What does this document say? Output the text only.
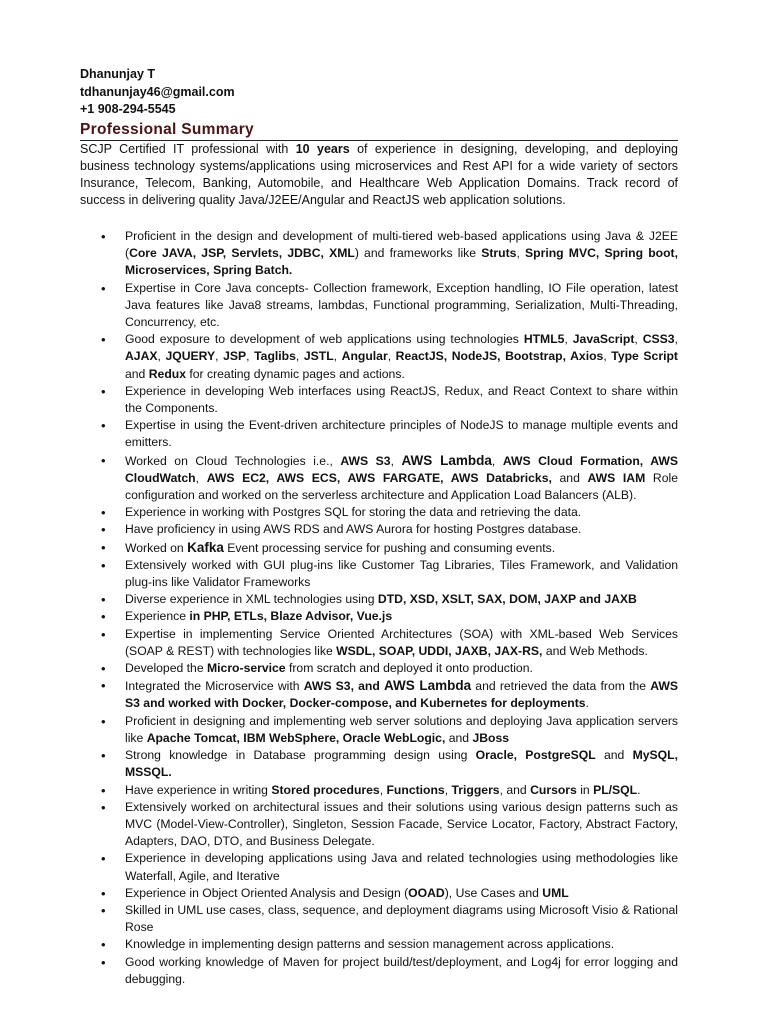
Dhanunjay T
tdhanunjay46@gmail.com
+1 908-294-5545
Professional Summary
SCJP Certified IT professional with 10 years of experience in designing, developing, and deploying business technology systems/applications using microservices and Rest API for a wide variety of sectors Insurance, Telecom, Banking, Automobile, and Healthcare Web Application Domains. Track record of success in delivering quality Java/J2EE/Angular and ReactJS web application solutions.
• Proficient in the design and development of multi-tiered web-based applications using Java & J2EE (Core JAVA, JSP, Servlets, JDBC, XML) and frameworks like Struts, Spring MVC, Spring boot, Microservices, Spring Batch.
• Expertise in Core Java concepts- Collection framework, Exception handling, IO File operation, latest Java features like Java8 streams, lambdas, Functional programming, Serialization, Multi-Threading, Concurrency, etc.
• Good exposure to development of web applications using technologies HTML5, JavaScript, CSS3, AJAX, JQUERY, JSP, Taglibs, JSTL, Angular, ReactJS, NodeJS, Bootstrap, Axios, Type Script and Redux for creating dynamic pages and actions.
• Experience in developing Web interfaces using ReactJS, Redux, and React Context to share within the Components.
• Expertise in using the Event-driven architecture principles of NodeJS to manage multiple events and emitters.
• Worked on Cloud Technologies i.e., AWS S3, AWS Lambda, AWS Cloud Formation, AWS CloudWatch, AWS EC2, AWS ECS, AWS FARGATE, AWS Databricks, and AWS IAM Role configuration and worked on the serverless architecture and Application Load Balancers (ALB).
• Experience in working with Postgres SQL for storing the data and retrieving the data.
• Have proficiency in using AWS RDS and AWS Aurora for hosting Postgres database.
• Worked on Kafka Event processing service for pushing and consuming events.
• Extensively worked with GUI plug-ins like Customer Tag Libraries, Tiles Framework, and Validation plug-ins like Validator Frameworks
• Diverse experience in XML technologies using DTD, XSD, XSLT, SAX, DOM, JAXP and JAXB
• Experience in PHP, ETLs, Blaze Advisor, Vue.js
• Expertise in implementing Service Oriented Architectures (SOA) with XML-based Web Services (SOAP & REST) with technologies like WSDL, SOAP, UDDI, JAXB, JAX-RS, and Web Methods.
• Developed the Micro-service from scratch and deployed it onto production.
• Integrated the Microservice with AWS S3, and AWS Lambda and retrieved the data from the AWS S3 and worked with Docker, Docker-compose, and Kubernetes for deployments.
• Proficient in designing and implementing web server solutions and deploying Java application servers like Apache Tomcat, IBM WebSphere, Oracle WebLogic, and JBoss
• Strong knowledge in Database programming design using Oracle, PostgreSQL and MySQL, MSSQL.
• Have experience in writing Stored procedures, Functions, Triggers, and Cursors in PL/SQL.
• Extensively worked on architectural issues and their solutions using various design patterns such as MVC (Model-View-Controller), Singleton, Session Facade, Service Locator, Factory, Abstract Factory, Adapters, DAO, DTO, and Business Delegate.
• Experience in developing applications using Java and related technologies using methodologies like Waterfall, Agile, and Iterative
• Experience in Object Oriented Analysis and Design (OOAD), Use Cases and UML
• Skilled in UML use cases, class, sequence, and deployment diagrams using Microsoft Visio & Rational Rose
• Knowledge in implementing design patterns and session management across applications.
• Good working knowledge of Maven for project build/test/deployment, and Log4j for error logging and debugging.
